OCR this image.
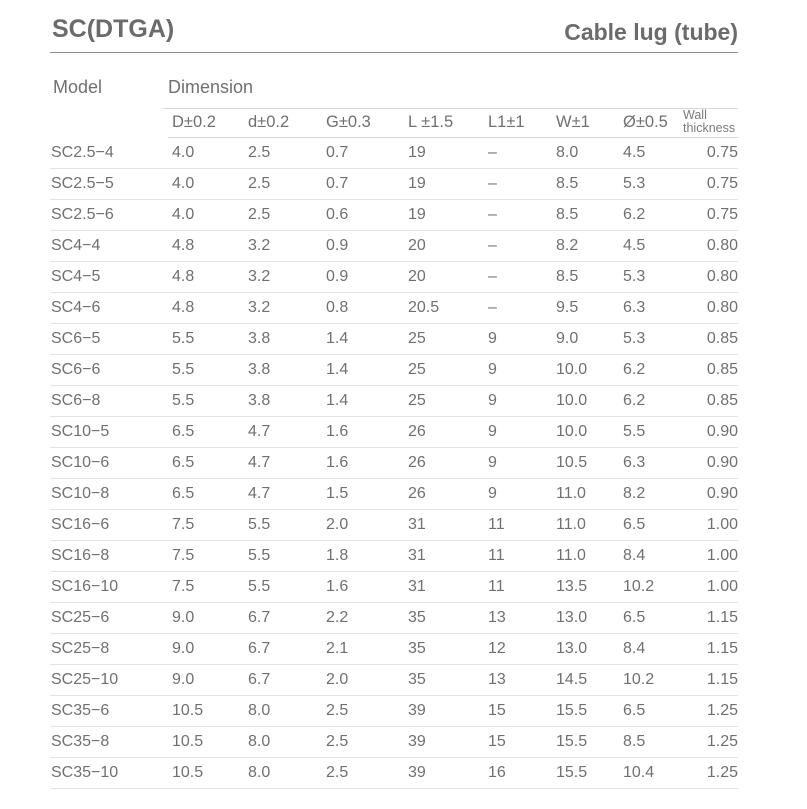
SC(DTGA)	Cable lug (tube)
Model	Dimension
	D±0.2	d±0.2	G±0.3	L ±1.5	L1±1	W±1	Ø±0.5	Wall
thickness

SC2.5−4	4.0	2.5	0.7	19	–	8.0	4.5	0.75
SC2.5−5	4.0	2.5	0.7	19	–	8.5	5.3	0.75
SC2.5−6	4.0	2.5	0.6	19	–	8.5	6.2	0.75
SC4−4	4.8	3.2	0.9	20	–	8.2	4.5	0.80
SC4−5	4.8	3.2	0.9	20	–	8.5	5.3	0.80
SC4−6	4.8	3.2	0.8	20.5	–	9.5	6.3	0.80
SC6−5	5.5	3.8	1.4	25	9	9.0	5.3	0.85
SC6−6	5.5	3.8	1.4	25	9	10.0	6.2	0.85
SC6−8	5.5	3.8	1.4	25	9	10.0	6.2	0.85
SC10−5	6.5	4.7	1.6	26	9	10.0	5.5	0.90
SC10−6	6.5	4.7	1.6	26	9	10.5	6.3	0.90
SC10−8	6.5	4.7	1.5	26	9	11.0	8.2	0.90
SC16−6	7.5	5.5	2.0	31	11	11.0	6.5	1.00
SC16−8	7.5	5.5	1.8	31	11	11.0	8.4	1.00
SC16−10	7.5	5.5	1.6	31	11	13.5	10.2	1.00
SC25−6	9.0	6.7	2.2	35	13	13.0	6.5	1.15
SC25−8	9.0	6.7	2.1	35	12	13.0	8.4	1.15
SC25−10	9.0	6.7	2.0	35	13	14.5	10.2	1.15
SC35−6	10.5	8.0	2.5	39	15	15.5	6.5	1.25
SC35−8	10.5	8.0	2.5	39	15	15.5	8.5	1.25
SC35−10	10.5	8.0	2.5	39	16	15.5	10.4	1.25
